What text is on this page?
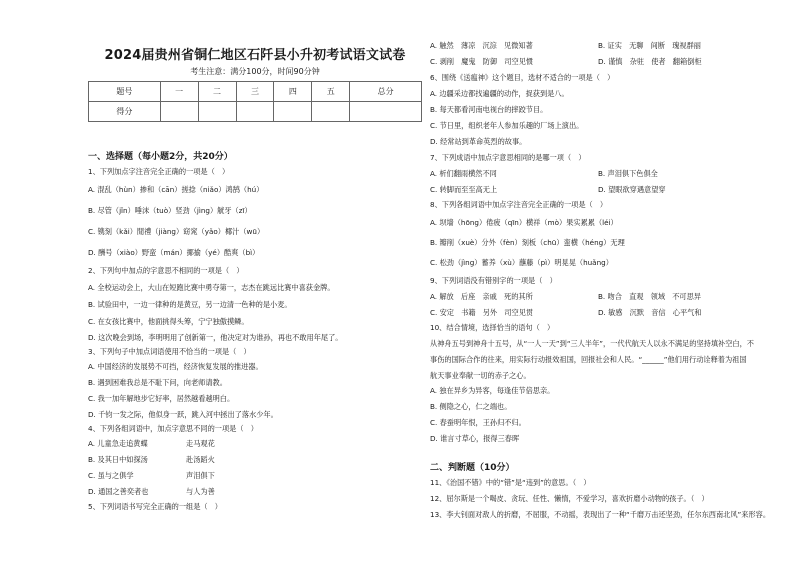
2024届贵州省铜仁地区石阡县小升初考试语文试卷
考生注意：满分100分，时间90分钟
题号	一	二	三	四	五	总分
得分						
一、选择题（每小题2分，共20分）
1、下列加点字注音完全正确的一项是（　）
A. 混乱（hùn）掺和（cān）搓捻（niǎo）鸿鹄（hú）
B. 尽管（jǐn）唾沫（tuò）竖劲（jìng）觥牙（zī）
C. 镌刻（kǎi）閒禮（jiàng）窈窕（yǎo）椰汁（wū）
D. 酬号（xiào）野蛮（mán）揶揄（yé）酷爽（bì）
2、下列句中加点的字意思不相同的一项是（　）
A. 全校运动会上，大山在短跑比赛中勇夺第一，志杰在跳远比赛中喜获金牌。
B. 试验田中，一边一律种的是黄豆，另一边清一色种的是小麦。
C. 在女孩比赛中，他面挑得头筹，宁宁独傲摸鳞。
D. 这次晚会到场，李明明用了创新第一，他决定对为谁孙，再也不敢用年尾了。
3、下列句子中加点词语使用不恰当的一项是（　）
A. 中国经济的发展势不可挡，经济恢复发展的推进器。
B. 遇到困难我总是不耻下问，向老师请教。
C. 我一加年解地步它好率，居然越看越明白。
D. 千钧一发之际，他似身一跃，跳入河中拯出了落水少年。
4、下列各组词语中，加点字意思不同的一项是（　）
A. 儿童急走追黄蝶	走马观花
B. 及其日中如探汤	赴汤蹈火
C. 虽与之俱学	声泪俱下
D. 通国之善奕者也	与人为善
5、下列词语书写完全正确的一组是（　）
A. 触然　薄凉　沉淙　见微知著	B. 证实　无聊　间断　瑰视群丽
C. 剥削　魔鬼　防御　司空见惯	D. 谨慎　杂驻　使者　翻箱倒柜
6、围绕《送瘟神》这个题目，选材不适合的一项是（　）
A. 边疆采边都找遍疆的动作，捉获到是八。
B. 每天都看河南电视台的摔跤节目。
C. 节日里，组织老年人参加乐趣的厂场上演出。
D. 经常站到革命英烈的故事。
7、下列成语中加点字意思相同的是哪一项（　）
A. 析们翻雨横然不同	B. 声泪俱下色俱全
C. 转脚而至至高无上	D. 望眼欲穿遇意望穿
8、下列各组词语中加点字注音完全正确的一项是（　）
A. 坝墙（hōng）倦疲（qīn）横祥（mò）果实累累（léi）
B. 瓣削（xuè）分外（fèn）刻板（chū）蛮横（héng）无理
C. 松劲（jìng）蓄养（xù）蘸藤（pì）明晃晃（huǎng）
9、下列词语没有错别字的一项是（　）
A. 解放　后座　亲戚　死的其所	B. 吻合　直观　领域　不可思异
C. 安定　书籍　另外　司空见贯	D. 敏感　沉默　音信　心平气和
10、结合情境，选择恰当的语句（　）
从神舟五号到神舟十五号，从“一人一天”到“三人半年”，一代代航天人以永不满足的坚持填补空白，不
事伤的国际合作的往来，用实际行动报效祖国，回报社会和人民。“______”他们用行动诠释着为祖国
航天事业奉献一切的赤子之心。
A. 独在异乡为异客，每逢佳节倍思亲。
B. 侧隐之心，仁之端也。
C. 春蚕明年恨，王孙归不归。
D. 谁言寸草心，报得三春晖
二、判断题（10分）
11、《治国不错》中的“错”是“违到”的意思。（　）
12、屈尔斯是一个喝皮、贪玩、任性、懒惰，不爱学习，喜欢折磨小动物的孩子。（　）
13、李大钊面对敌人的折磨，不屈服，不动摇，表现出了一种“千磨万击还坚劲，任尔东西南北风”来形容。
